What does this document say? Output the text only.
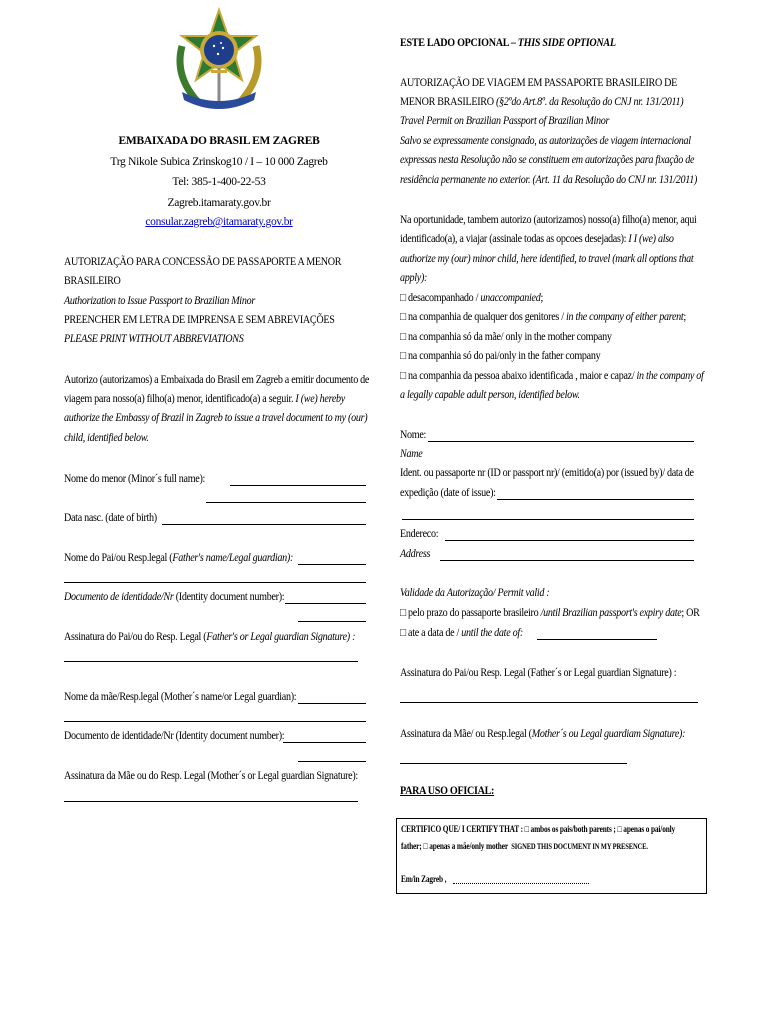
EMBAIXADA DO BRASIL EM ZAGREB
Trg Nikole Subica Zrinskog10 / I – 10 000 Zagreb
Tel: 385-1-400-22-53
Zagreb.itamaraty.gov.br
consular.zagreb@itamaraty.gov.br
AUTORIZAÇÃO PARA CONCESSÃO DE PASSAPORTE A MENOR
BRASILEIRO
Authorization to Issue Passport to Brazilian Minor
PREENCHER EM LETRA DE IMPRENSA E SEM ABREVIAÇÕES
PLEASE PRINT WITHOUT ABBREVIATIONS
Autorizo (autorizamos) a Embaixada do Brasil em Zagreb a emitir documento de
viagem para nosso(a) filho(a) menor, identificado(a) a seguir. I (we) hereby
authorize the Embassy of Brazil in Zagreb to issue a travel document to my (our)
child, identified below.
Nome do menor (Minor´s full name):
Data nasc. (date of birth)
Nome do Pai/ou Resp.legal (Father's name/Legal guardian):
Documento de identidade/Nr (Identity document number):
Assinatura do Pai/ou do Resp. Legal (Father's or Legal guardian Signature) :
Nome da mãe/Resp.legal (Mother´s name/or Legal guardian):
Documento de identidade/Nr (Identity document number):
Assinatura da Mãe ou do Resp. Legal (Mother´s or Legal guardian Signature):
ESTE LADO OPCIONAL – THIS SIDE OPTIONAL
AUTORIZAÇÃO DE VIAGEM EM PASSAPORTE BRASILEIRO DE
MENOR BRASILEIRO (§2ºdo Art.8º. da Resolução do CNJ nr. 131/2011)
Travel Permit on Brazilian Passport of Brazilian Minor
Salvo se expressamente consignado, as autorizações de viagem internacional
expressas nesta Resolução não se constituem em autorizações para fixação de
residência permanente no exterior. (Art. 11 da Resolução do CNJ nr. 131/2011)
Na oportunidade, tambem autorizo (autorizamos) nosso(a) filho(a) menor, aqui
identificado(a), a viajar (assinale todas as opcoes desejadas): I I (we) also
authorize my (our) minor child, here identified, to travel (mark all options that
apply):
□ desacompanhado / unaccompanied;
□ na companhia de qualquer dos genitores / in the company of either parent;
□ na companhia só da mãe/ only in the mother company
□ na companhia só do pai/only in the father company
□ na companhia da pessoa abaixo identificada , maior e capaz/ in the company of
a legally capable adult person, identified below.
Nome:
Name
Ident. ou passaporte nr (ID or passport nr)/ (emitido(a) por (issued by)/ data de
expedição (date of issue):
Endereco:
Address
Validade da Autorização/ Permit valid :
□ pelo prazo do passaporte brasileiro /until Brazilian passport's expiry date; OR
□ ate a data de / until the date of:
Assinatura do Pai/ou Resp. Legal (Father´s or Legal guardian Signature) :
Assinatura da Mãe/ ou Resp.legal (Mother´s ou Legal guardiam Signature):
PARA USO OFICIAL:
CERTIFICO QUE/ I CERTIFY THAT : □ ambos os pais/both parents ; □ apenas o pai/only
father; □ apenas a mãe/only mother SIGNED THIS DOCUMENT IN MY PRESENCE.
Em/in Zagreb ,
